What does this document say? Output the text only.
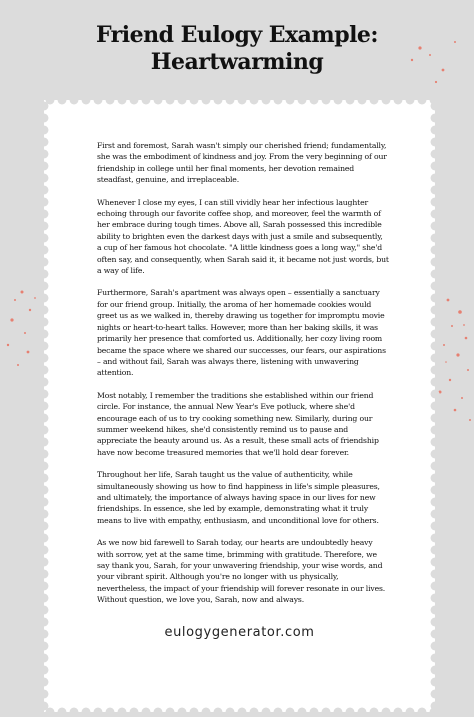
Friend Eulogy Example:
Heartwarming

First and foremost, Sarah wasn't simply our cherished friend; fundamentally, she was the embodiment of kindness and joy. From the very beginning of our friendship in college until her final moments, her devotion remained steadfast, genuine, and irreplaceable.

Whenever I close my eyes, I can still vividly hear her infectious laughter echoing through our favorite coffee shop, and moreover, feel the warmth of her embrace during tough times. Above all, Sarah possessed this incredible ability to brighten even the darkest days with just a smile and subsequently, a cup of her famous hot chocolate. "A little kindness goes a long way," she'd often say, and consequently, when Sarah said it, it became not just words, but a way of life.

Furthermore, Sarah's apartment was always open – essentially a sanctuary for our friend group. Initially, the aroma of her homemade cookies would greet us as we walked in, thereby drawing us together for impromptu movie nights or heart-to-heart talks. However, more than her baking skills, it was primarily her presence that comforted us. Additionally, her cozy living room became the space where we shared our successes, our fears, our aspirations – and without fail, Sarah was always there, listening with unwavering attention.

Most notably, I remember the traditions she established within our friend circle. For instance, the annual New Year's Eve potluck, where she'd encourage each of us to try cooking something new. Similarly, during our summer weekend hikes, she'd consistently remind us to pause and appreciate the beauty around us. As a result, these small acts of friendship have now become treasured memories that we'll hold dear forever.

Throughout her life, Sarah taught us the value of authenticity, while simultaneously showing us how to find happiness in life's simple pleasures, and ultimately, the importance of always having space in our lives for new friendships. In essence, she led by example, demonstrating what it truly means to live with empathy, enthusiasm, and unconditional love for others.

As we now bid farewell to Sarah today, our hearts are undoubtedly heavy with sorrow, yet at the same time, brimming with gratitude. Therefore, we say thank you, Sarah, for your unwavering friendship, your wise words, and your vibrant spirit. Although you're no longer with us physically, nevertheless, the impact of your friendship will forever resonate in our lives. Without question, we love you, Sarah, now and always.

eulogygenerator.com
